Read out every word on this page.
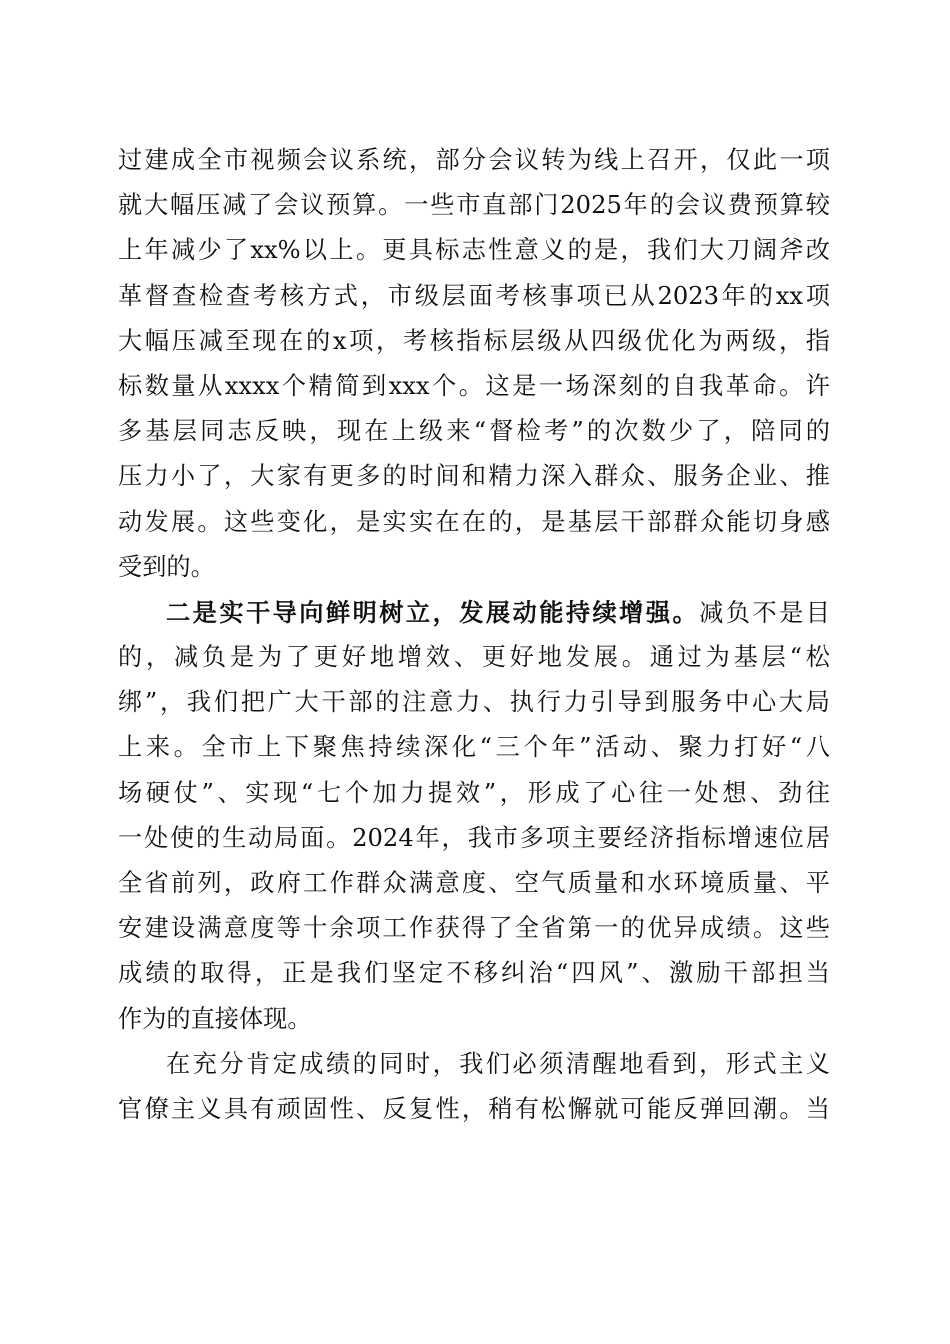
过建成全市视频会议系统，部分会议转为线上召开，仅此一项
就大幅压减了会议预算。一些市直部门2025年的会议费预算较
上年减少了xx%以上。更具标志性意义的是，我们大刀阔斧改
革督查检查考核方式，市级层面考核事项已从2023年的xx项
大幅压减至现在的x项，考核指标层级从四级优化为两级，指
标数量从xxxx个精简到xxx个。这是一场深刻的自我革命。许
多基层同志反映，现在上级来“督检考”的次数少了，陪同的
压力小了，大家有更多的时间和精力深入群众、服务企业、推
动发展。这些变化，是实实在在的，是基层干部群众能切身感
受到的。
二是实干导向鲜明树立，发展动能持续增强。减负不是目
的，减负是为了更好地增效、更好地发展。通过为基层“松
绑”，我们把广大干部的注意力、执行力引导到服务中心大局
上来。全市上下聚焦持续深化“三个年”活动、聚力打好“八
场硬仗”、实现“七个加力提效”，形成了心往一处想、劲往
一处使的生动局面。2024年，我市多项主要经济指标增速位居
全省前列，政府工作群众满意度、空气质量和水环境质量、平
安建设满意度等十余项工作获得了全省第一的优异成绩。这些
成绩的取得，正是我们坚定不移纠治“四风”、激励干部担当
作为的直接体现。
在充分肯定成绩的同时，我们必须清醒地看到，形式主义
官僚主义具有顽固性、反复性，稍有松懈就可能反弹回潮。当
